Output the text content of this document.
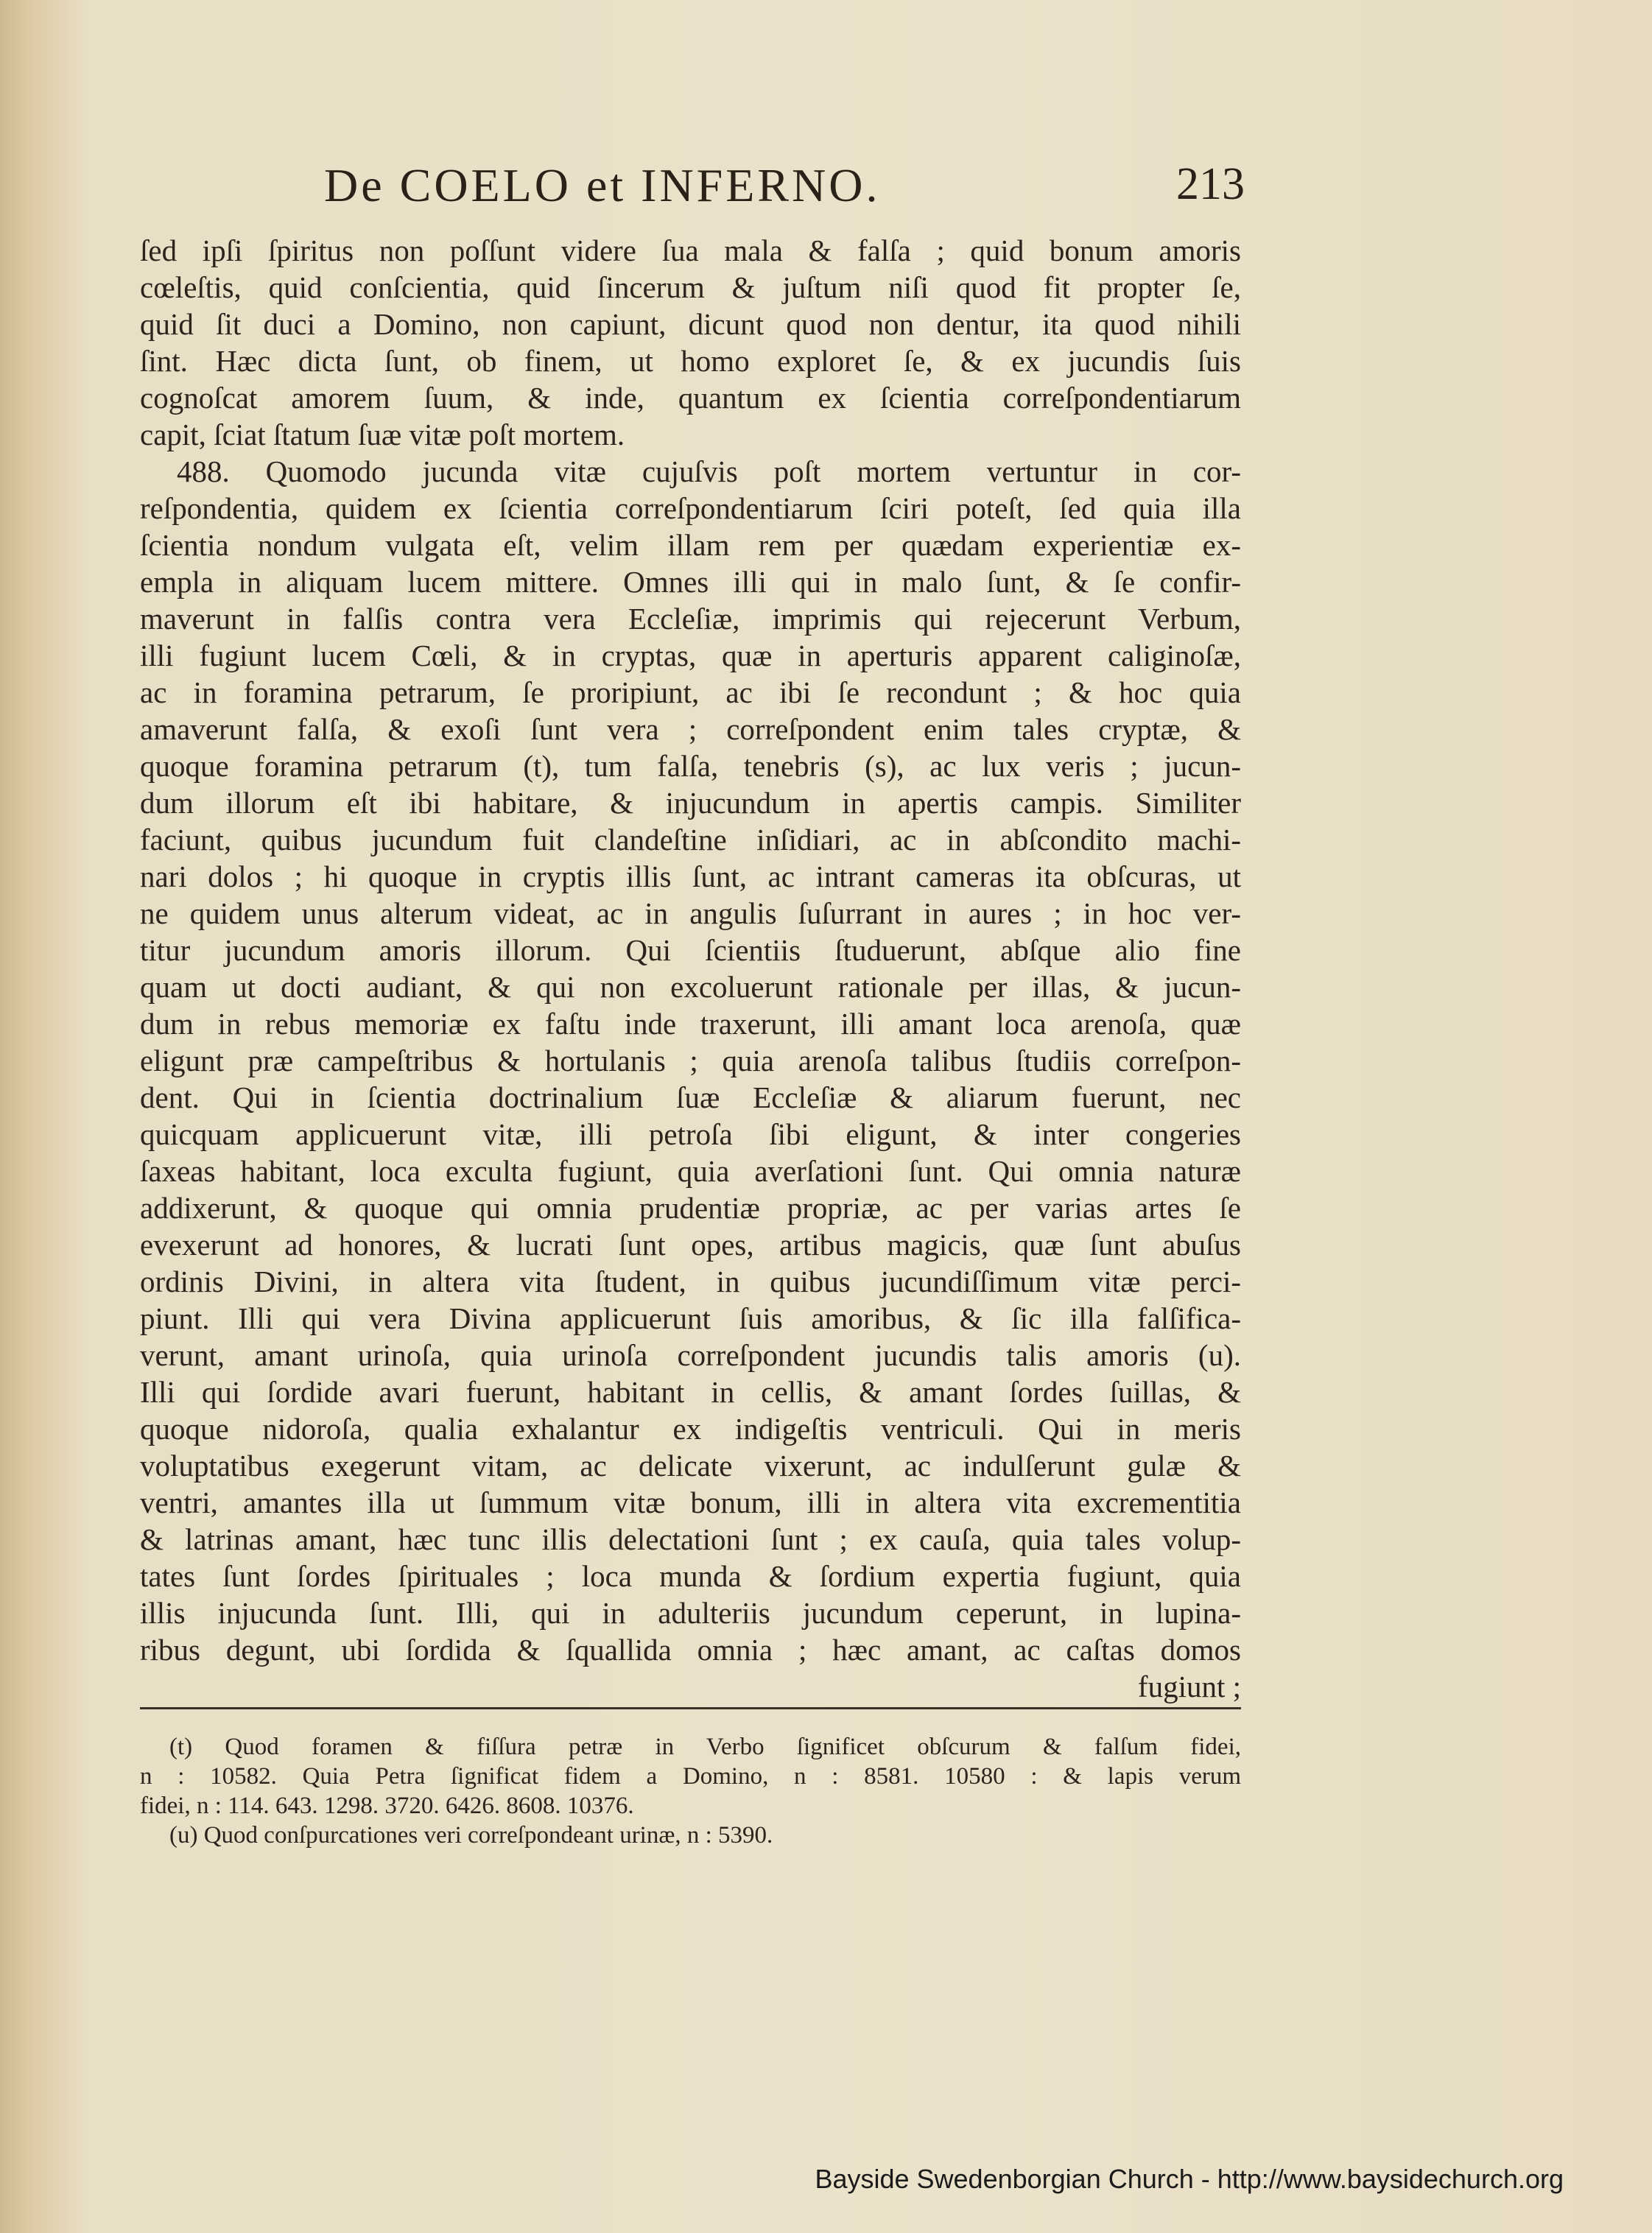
De COELO et INFERNO.	213
ſed ipſi ſpiritus non poſſunt videre ſua mala & falſa ; quid bonum amoris
cœleſtis, quid conſcientia, quid ſincerum & juſtum niſi quod fit propter ſe,
quid ſit duci a Domino, non capiunt, dicunt quod non dentur, ita quod nihili
ſint. Hæc dicta ſunt, ob finem, ut homo exploret ſe, & ex jucundis ſuis
cognoſcat amorem ſuum, & inde, quantum ex ſcientia correſpondentiarum
capit, ſciat ſtatum ſuæ vitæ poſt mortem.
488. Quomodo jucunda vitæ cujuſvis poſt mortem vertuntur in cor-
reſpondentia, quidem ex ſcientia correſpondentiarum ſciri poteſt, ſed quia illa
ſcientia nondum vulgata eſt, velim illam rem per quædam experientiæ ex-
empla in aliquam lucem mittere. Omnes illi qui in malo ſunt, & ſe confir-
maverunt in falſis contra vera Eccleſiæ, imprimis qui rejecerunt Verbum,
illi fugiunt lucem Cœli, & in cryptas, quæ in aperturis apparent caliginoſæ,
ac in foramina petrarum, ſe proripiunt, ac ibi ſe recondunt ; & hoc quia
amaverunt falſa, & exoſi ſunt vera ; correſpondent enim tales cryptæ, &
quoque foramina petrarum (t), tum falſa, tenebris (s), ac lux veris ; jucun-
dum illorum eſt ibi habitare, & injucundum in apertis campis. Similiter
faciunt, quibus jucundum fuit clandeſtine inſidiari, ac in abſcondito machi-
nari dolos ; hi quoque in cryptis illis ſunt, ac intrant cameras ita obſcuras, ut
ne quidem unus alterum videat, ac in angulis ſuſurrant in aures ; in hoc ver-
titur jucundum amoris illorum. Qui ſcientiis ſtuduerunt, abſque alio fine
quam ut docti audiant, & qui non excoluerunt rationale per illas, & jucun-
dum in rebus memoriæ ex faſtu inde traxerunt, illi amant loca arenoſa, quæ
eligunt præ campeſtribus & hortulanis ; quia arenoſa talibus ſtudiis correſpon-
dent. Qui in ſcientia doctrinalium ſuæ Eccleſiæ & aliarum fuerunt, nec
quicquam applicuerunt vitæ, illi petroſa ſibi eligunt, & inter congeries
ſaxeas habitant, loca exculta fugiunt, quia averſationi ſunt. Qui omnia naturæ
addixerunt, & quoque qui omnia prudentiæ propriæ, ac per varias artes ſe
evexerunt ad honores, & lucrati ſunt opes, artibus magicis, quæ ſunt abuſus
ordinis Divini, in altera vita ſtudent, in quibus jucundiſſimum vitæ perci-
piunt. Illi qui vera Divina applicuerunt ſuis amoribus, & ſic illa falſifica-
verunt, amant urinoſa, quia urinoſa correſpondent jucundis talis amoris (u).
Illi qui ſordide avari fuerunt, habitant in cellis, & amant ſordes ſuillas, &
quoque nidoroſa, qualia exhalantur ex indigeſtis ventriculi. Qui in meris
voluptatibus exegerunt vitam, ac delicate vixerunt, ac indulſerunt gulæ &
ventri, amantes illa ut ſummum vitæ bonum, illi in altera vita excrementitia
& latrinas amant, hæc tunc illis delectationi ſunt ; ex cauſa, quia tales volup-
tates ſunt ſordes ſpirituales ; loca munda & ſordium expertia fugiunt, quia
illis injucunda ſunt. Illi, qui in adulteriis jucundum ceperunt, in lupina-
ribus degunt, ubi ſordida & ſquallida omnia ; hæc amant, ac caſtas domos
fugiunt ;
(t) Quod foramen & fiſſura petræ in Verbo ſignificet obſcurum & falſum fidei,
n : 10582. Quia Petra ſignificat fidem a Domino, n : 8581. 10580 : & lapis verum
fidei, n : 114. 643. 1298. 3720. 6426. 8608. 10376.
(u) Quod conſpurcationes veri correſpondeant urinæ, n : 5390.
Bayside Swedenborgian Church - http://www.baysidechurch.org
